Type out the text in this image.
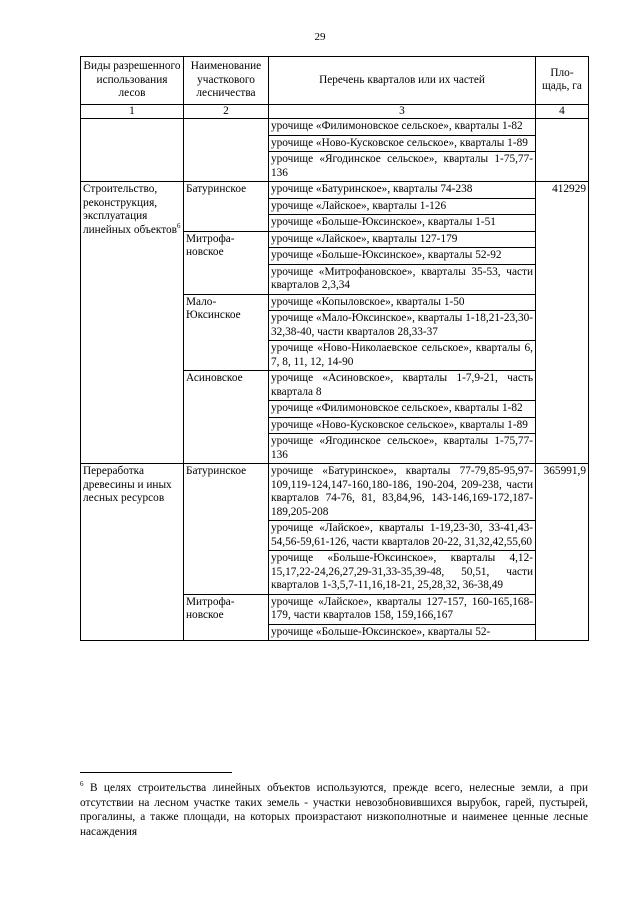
29
Виды разрешенного использования лесов	Наименование участкового лесничества	Перечень кварталов или их частей	Пло-щадь, га
1	2	3	4
		урочище «Филимоновское сельское», кварталы 1-82	
		урочище «Ново-Кусковское сельское», кварталы 1-89	
		урочище «Ягодинское сельское», кварталы 1-75,77-136	
Строительство, реконструкция, эксплуатация линейных объектов$^6$	Батуринское	урочище «Батуринское», кварталы 74-238	412929
		урочище «Лайское», кварталы 1-126	
		урочище «Больше-Юксинское», кварталы 1-51	
	Митрофа-новское	урочище «Лайское», кварталы 127-179	
		урочище «Больше-Юксинское», кварталы 52-92	
		урочище «Митрофановское», кварталы 35-53, части кварталов 2,3,34	
	Мало-Юксинское	урочище «Копыловское», кварталы 1-50	
		урочище «Мало-Юксинское», кварталы 1-18,21-23,30-32,38-40, части кварталов 28,33-37	
		урочище «Ново-Николаевское сельское», кварталы 6, 7, 8, 11, 12, 14-90	
	Асиновское	урочище «Асиновское», кварталы 1-7,9-21, часть квартала 8	
		урочище «Филимоновское сельское», кварталы 1-82	
		урочище «Ново-Кусковское сельское», кварталы 1-89	
		урочище «Ягодинское сельское», кварталы 1-75,77-136	
Переработка древесины и иных лесных ресурсов	Батуринское	урочище «Батуринское», кварталы 77-79,85-95,97-109,119-124,147-160,180-186, 190-204, 209-238, части кварталов 74-76, 81, 83,84,96, 143-146,169-172,187-189,205-208	365991,9
		урочище «Лайское», кварталы 1-19,23-30, 33-41,43-54,56-59,61-126, части кварталов 20-22, 31,32,42,55,60	
		урочище «Больше-Юксинское», кварталы 4,12-15,17,22-24,26,27,29-31,33-35,39-48, 50,51, части кварталов 1-3,5,7-11,16,18-21, 25,28,32, 36-38,49	
	Митрофа-новское	урочище «Лайское», кварталы 127-157, 160-165,168-179, части кварталов 158, 159,166,167	
		урочище «Больше-Юксинское», кварталы 52-	
$^6$ В целях строительства линейных объектов используются, прежде всего, нелесные земли, а при отсутствии на лесном участке таких земель - участки невозобновившихся вырубок, гарей, пустырей, прогалины, а также площади, на которых произрастают низкополнотные и наименее ценные лесные насаждения
